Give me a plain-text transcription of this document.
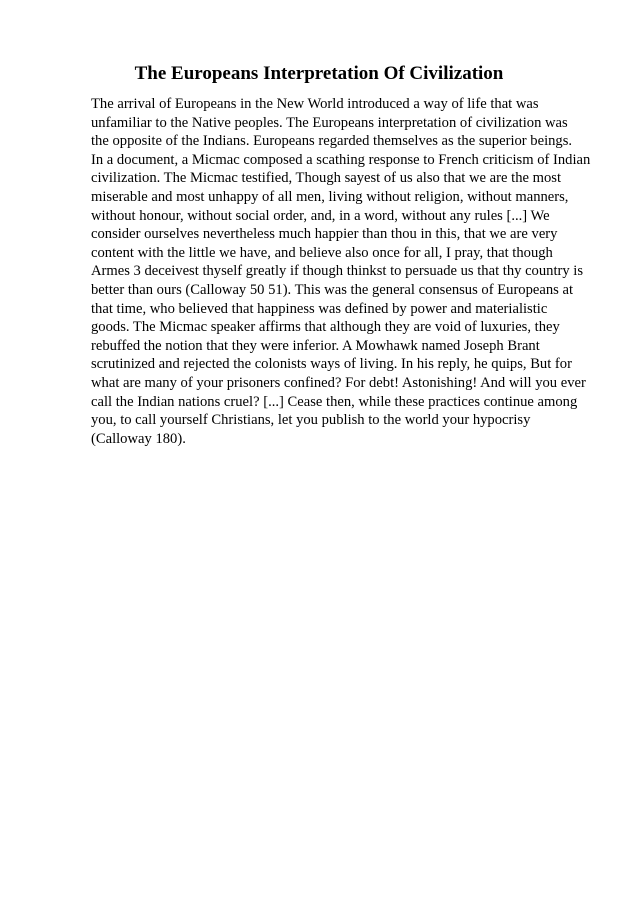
The Europeans Interpretation Of Civilization
The arrival of Europeans in the New World introduced a way of life that was
unfamiliar to the Native peoples. The Europeans interpretation of civilization was
the opposite of the Indians. Europeans regarded themselves as the superior beings.
In a document, a Micmac composed a scathing response to French criticism of Indian
civilization. The Micmac testified, Though sayest of us also that we are the most
miserable and most unhappy of all men, living without religion, without manners,
without honour, without social order, and, in a word, without any rules [...] We
consider ourselves nevertheless much happier than thou in this, that we are very
content with the little we have, and believe also once for all, I pray, that though
Armes 3 deceivest thyself greatly if though thinkst to persuade us that thy country is
better than ours (Calloway 50 51). This was the general consensus of Europeans at
that time, who believed that happiness was defined by power and materialistic
goods. The Micmac speaker affirms that although they are void of luxuries, they
rebuffed the notion that they were inferior. A Mowhawk named Joseph Brant
scrutinized and rejected the colonists ways of living. In his reply, he quips, But for
what are many of your prisoners confined? For debt! Astonishing! And will you ever
call the Indian nations cruel? [...] Cease then, while these practices continue among
you, to call yourself Christians, let you publish to the world your hypocrisy
(Calloway 180).
